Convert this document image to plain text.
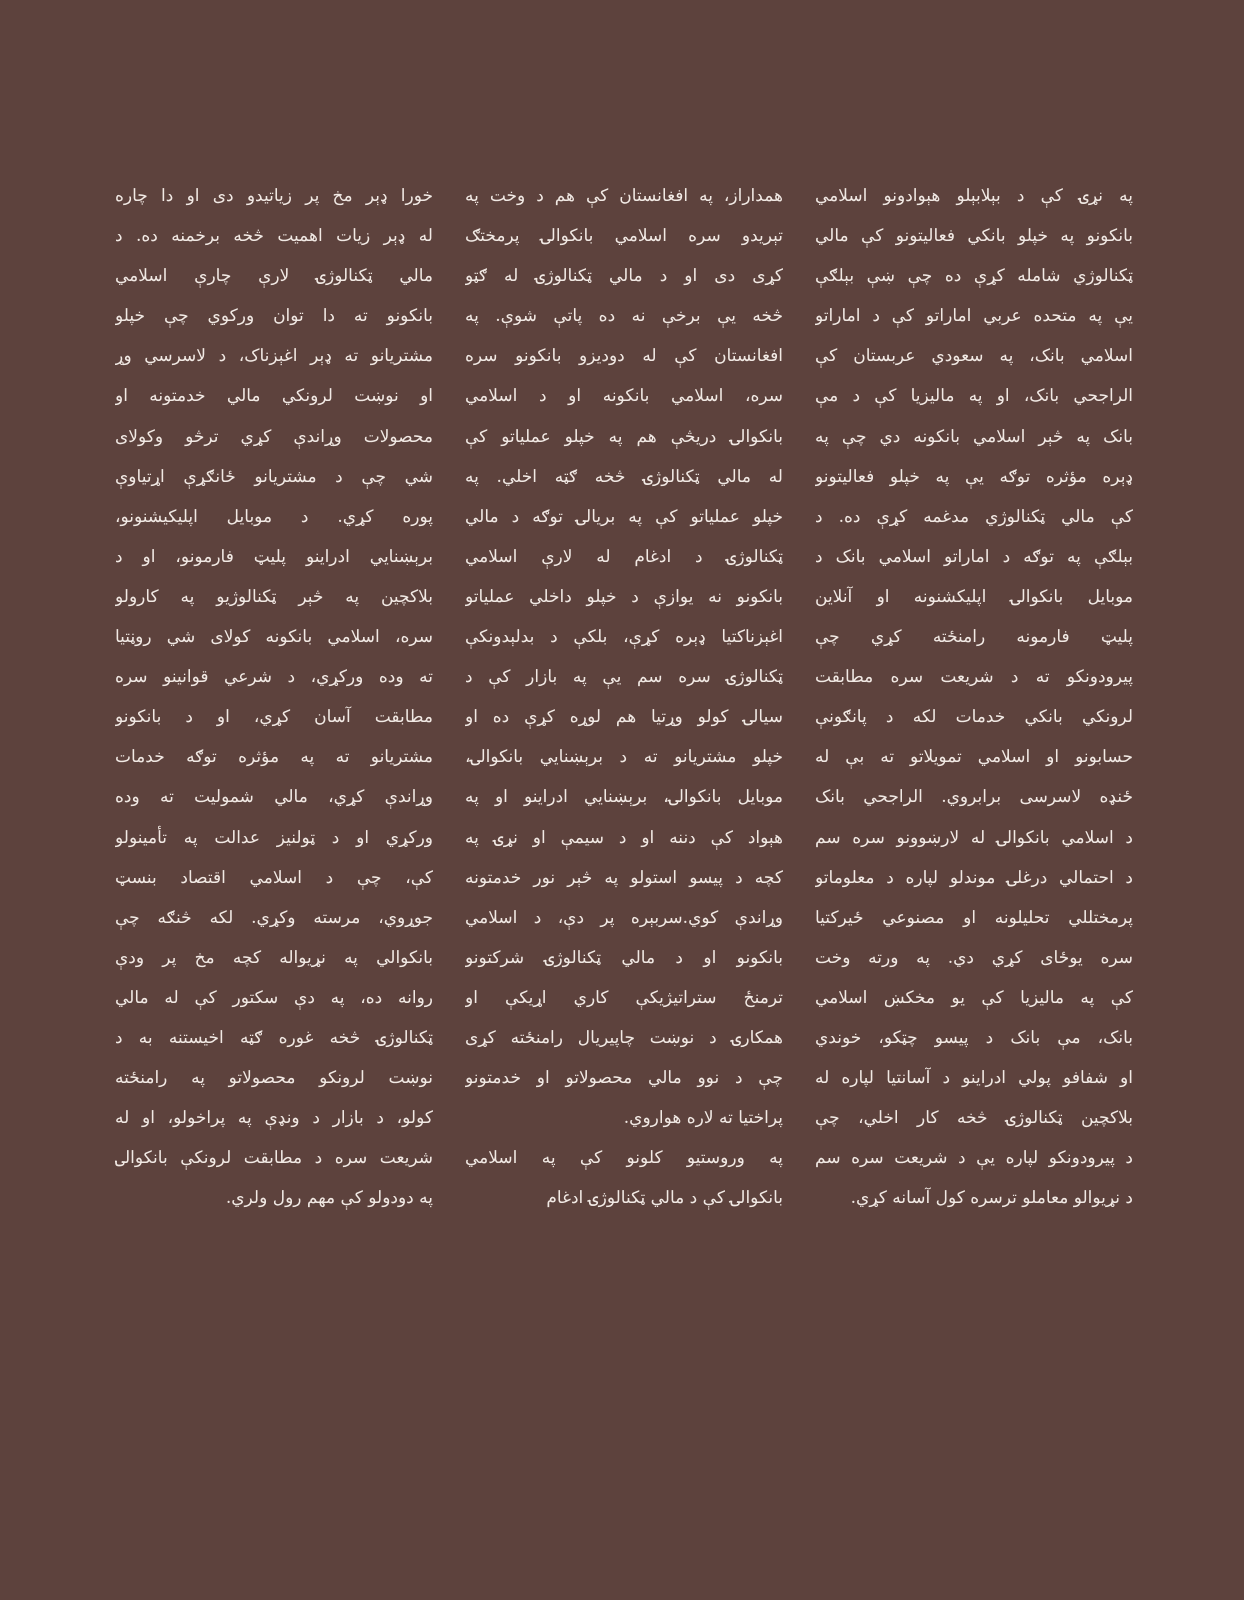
په نړۍ کې د بېلابېلو هېوادونو اسلامي
بانکونو په خپلو بانکي فعالیتونو کې مالي
ټکنالوژي شامله کړې ده چې ښې بېلګې
یې په متحده عربي اماراتو کې د اماراتو
اسلامي بانک، په سعودي عربستان کې
الراجحي بانک، او په مالیزیا کې د مې
بانک په څېر اسلامي بانکونه دي چې په
ډېره مؤثره توګه یې په خپلو فعالیتونو
کې مالي ټکنالوژي مدغمه کړې ده. د
بېلګې په توګه د اماراتو اسلامي بانک د
موبایل بانکوالۍ اپلیکشنونه او آنلاین
پلیټ فارمونه رامنځته کړي چې
پیرودونکو ته د شریعت سره مطابقت
لرونکي بانکي خدمات لکه د پانګونې
حسابونو او اسلامي تمویلاتو ته بې له
ځنډه لاسرسی برابروي. الراجحي بانک
د اسلامي بانکوالۍ له لارښوونو سره سم
د احتمالي درغلۍ موندلو لپاره د معلوماتو
پرمختللي تحلیلونه او مصنوعي ځیرکتیا
سره یوځای کړي دي. په ورته وخت
کې په مالیزیا کې یو مخکښ اسلامي
بانک، مې بانک د پیسو چټکو، خوندي
او شفافو پولي ادراینو د آسانتیا لپاره له
بلاکچین ټکنالوژۍ څخه کار اخلي، چې
د پیرودونکو لپاره یې د شریعت سره سم
د نړیوالو معاملو ترسره کول آسانه کړي.
همداراز، په افغانستان کې هم د وخت په
تېریدو سره اسلامي بانکوالۍ پرمختګ
کړی دی او د مالي ټکنالوژۍ له ګټو
څخه یې برخې نه ده پاتې شوې. په
افغانستان کې له دودیزو بانکونو سره
سره، اسلامي بانکونه او د اسلامي
بانکوالۍ دریڅې هم په خپلو عملیاتو کې
له مالي ټکنالوژۍ څخه ګټه اخلي. په
خپلو عملیاتو کې په بریالۍ توګه د مالي
ټکنالوژۍ د ادغام له لارې اسلامي
بانکونو نه یوازې د خپلو داخلي عملیاتو
اغېزناکتیا ډېره کړې، بلکې د بدلېدونکې
ټکنالوژۍ سره سم یې په بازار کې د
سیالۍ کولو وړتیا هم لوړه کړې ده او
خپلو مشتریانو ته د برېښنایي بانکوالۍ،
موبایل بانکوالۍ، برېښنایي ادراینو او په
هېواد کې دننه او د سیمې او نړۍ په
کچه د پیسو استولو په څېر نور خدمتونه
وړاندې کوي.سربېره پر دې، د اسلامي
بانکونو او د مالي ټکنالوژۍ شرکتونو
ترمنځ ستراتیژیکې کاري اړیکې او
همکارۍ د نوښت چاپیریال رامنځته کړی
چې د نوو مالي محصولاتو او خدمتونو
پراختیا ته لاره هواروي.
په وروستیو کلونو کې په اسلامي
بانکوالۍ کې د مالي ټکنالوژۍ ادغام
خورا ډېر مخ پر زیاتیدو دی او دا چاره
له ډېر زیات اهمیت څخه برخمنه ده. د
مالي ټکنالوژۍ لارې چارې اسلامي
بانکونو ته دا توان ورکوي چې خپلو
مشتریانو ته ډېر اغېزناک، د لاسرسي وړ
او نوښت لرونکي مالي خدمتونه او
محصولات وړاندې کړي ترڅو وکولای
شي چې د مشتریانو ځانګړې اړتیاوې
پوره کړي. د موبایل اپلیکیشنونو،
برېښنایي ادراینو پلیټ فارمونو، او د
بلاکچین په څېر ټکنالوژیو په کارولو
سره، اسلامي بانکونه کولای شي روڼتیا
ته وده ورکړي، د شرعي قوانینو سره
مطابقت آسان کړي، او د بانکونو
مشتریانو ته په مؤثره توګه خدمات
وړاندې کړي، مالي شمولیت ته وده
ورکړي او د ټولنیز عدالت په تأمینولو
کې، چې د اسلامي اقتصاد بنسټ
جوړوي، مرسته وکړي. لکه څنګه چې
بانکوالي په نړیواله کچه مخ پر ودې
روانه ده، په دې سکتور کې له مالي
ټکنالوژۍ څخه غوره ګټه اخیستنه به د
نوښت لرونکو محصولاتو په رامنځته
کولو، د بازار د ونډې په پراخولو، او له
شریعت سره د مطابقت لرونکې بانکوالۍ
په دودولو کې مهم رول ولري.
